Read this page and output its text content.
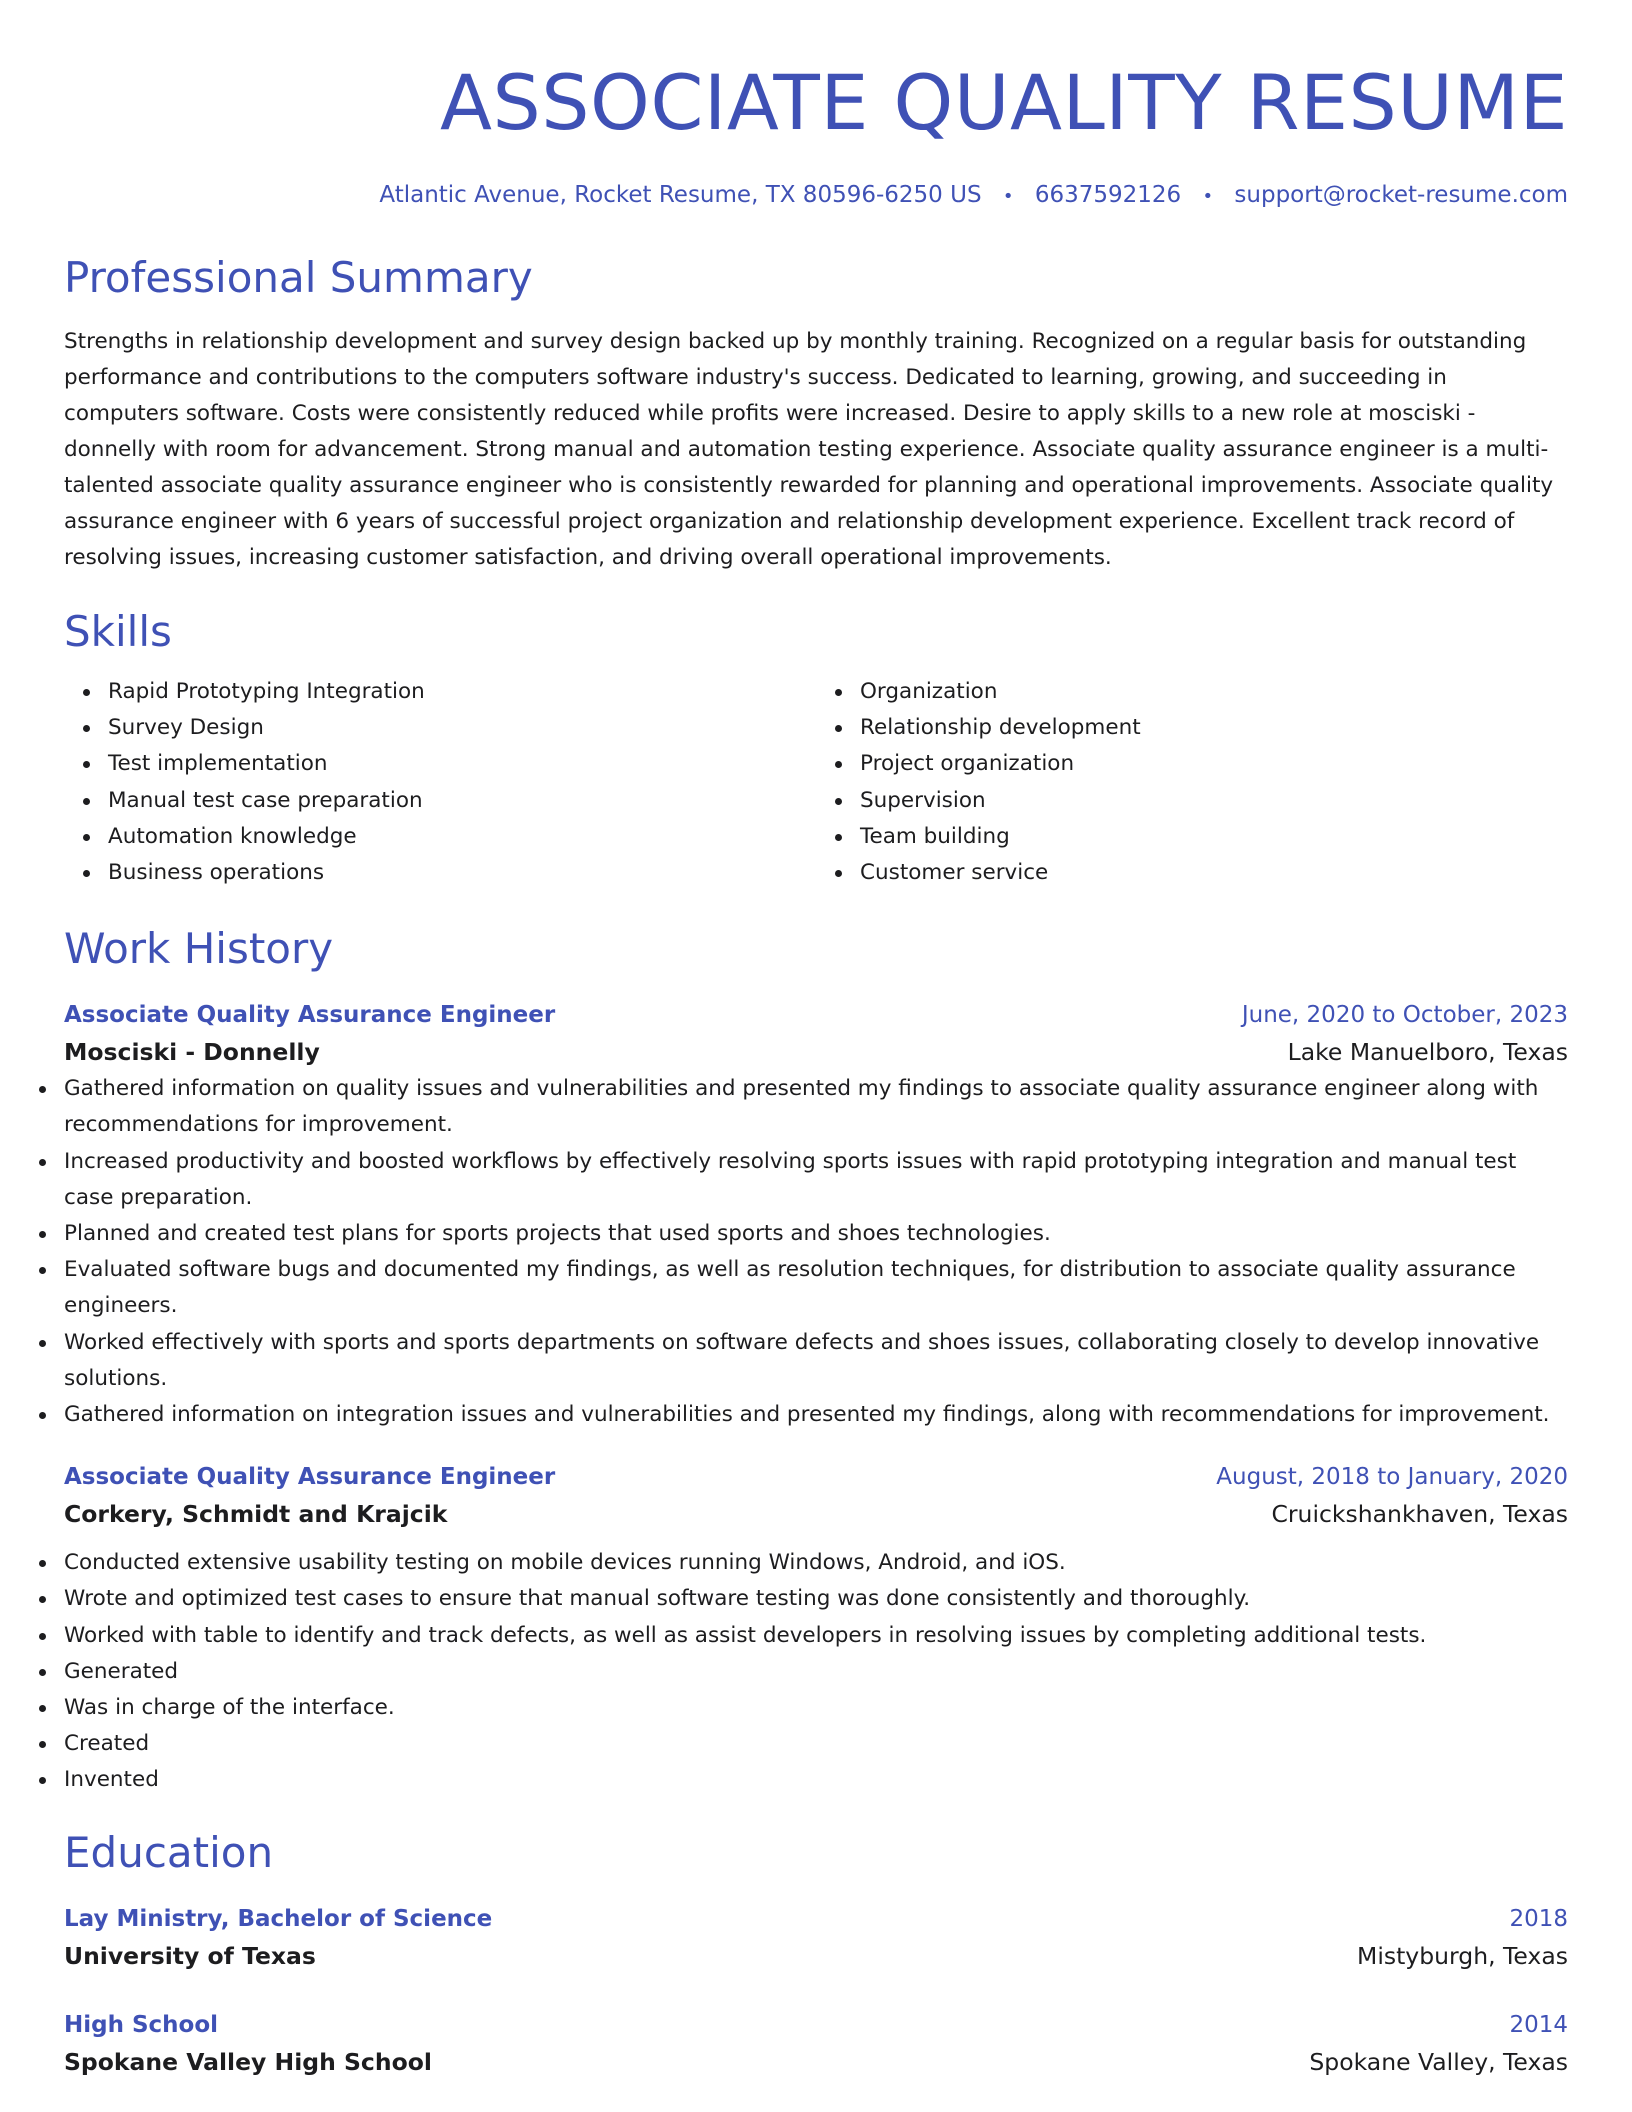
ASSOCIATE QUALITY RESUME
Atlantic Avenue, Rocket Resume, TX 80596-6250 US • 6637592126 • support@rocket-resume.com
Professional Summary

Strengths in relationship development and survey design backed up by monthly training. Recognized on a regular basis for outstanding performance and contributions to the computers software industry's success. Dedicated to learning, growing, and succeeding in computers software. Costs were consistently reduced while profits were increased. Desire to apply skills to a new role at mosciski - donnelly with room for advancement. Strong manual and automation testing experience. Associate quality assurance engineer is a multi-talented associate quality assurance engineer who is consistently rewarded for planning and operational improvements. Associate quality assurance engineer with 6 years of successful project organization and relationship development experience. Excellent track record of resolving issues, increasing customer satisfaction, and driving overall operational improvements.

Skills
Rapid Prototyping Integration
Survey Design
Test implementation
Manual test case preparation
Automation knowledge
Business operations
Organization
Relationship development
Project organization
Supervision
Team building
Customer service
Work History
Associate Quality Assurance Engineer	June, 2020 to October, 2023
Mosciski - Donnelly	Lake Manuelboro, Texas
Gathered information on quality issues and vulnerabilities and presented my findings to associate quality assurance engineer along with recommendations for improvement.
Increased productivity and boosted workflows by effectively resolving sports issues with rapid prototyping integration and manual test case preparation.
Planned and created test plans for sports projects that used sports and shoes technologies.
Evaluated software bugs and documented my findings, as well as resolution techniques, for distribution to associate quality assurance engineers.
Worked effectively with sports and sports departments on software defects and shoes issues, collaborating closely to develop innovative solutions.
Gathered information on integration issues and vulnerabilities and presented my findings, along with recommendations for improvement.
Associate Quality Assurance Engineer	August, 2018 to January, 2020
Corkery, Schmidt and Krajcik	Cruickshankhaven, Texas
Conducted extensive usability testing on mobile devices running Windows, Android, and iOS.
Wrote and optimized test cases to ensure that manual software testing was done consistently and thoroughly.
Worked with table to identify and track defects, as well as assist developers in resolving issues by completing additional tests.
Generated
Was in charge of the interface.
Created
Invented
Education
Lay Ministry, Bachelor of Science	2018
University of Texas	Mistyburgh, Texas
High School	2014
Spokane Valley High School	Spokane Valley, Texas
